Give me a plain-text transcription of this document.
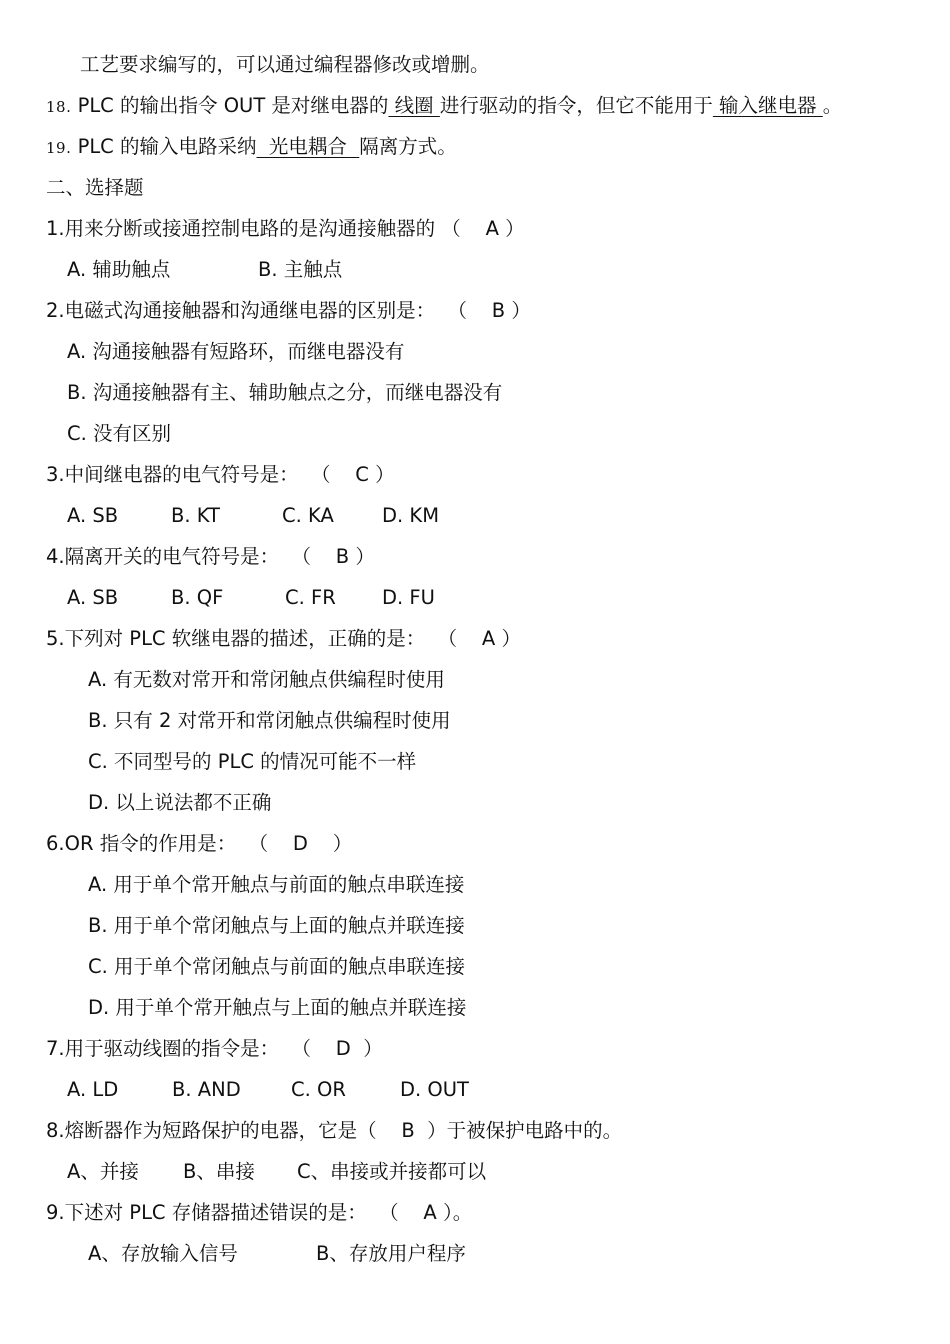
工艺要求编写的，可以通过编程器修改或增删。
18. PLC 的输出指令 OUT 是对继电器的 线圈 进行驱动的指令，但它不能用于 输入继电器 。
19. PLC 的输入电路采纳  光电耦合  隔离方式。
二、选择题
1.用来分断或接通控制电路的是沟通接触器的 （    A ）
A. 辅助触点	B. 主触点
2.电磁式沟通接触器和沟通继电器的区别是：  （    B ）
A. 沟通接触器有短路环，而继电器没有
B. 沟通接触器有主、辅助触点之分，而继电器没有
C. 没有区别
3.中间继电器的电气符号是：  （    C ）
A. SB	B. KT	C. KA D. KM
4.隔离开关的电气符号是：  （    B ）
A. SB	B. QF	C. FR D. FU
5.下列对 PLC 软继电器的描述，正确的是：  （    A ）
A. 有无数对常开和常闭触点供编程时使用
B. 只有 2 对常开和常闭触点供编程时使用
C. 不同型号的 PLC 的情况可能不一样
D. 以上说法都不正确
6.OR 指令的作用是：  （    D    ）
A. 用于单个常开触点与前面的触点串联连接
B. 用于单个常闭触点与上面的触点并联连接
C. 用于单个常闭触点与前面的触点串联连接
D. 用于单个常开触点与上面的触点并联连接
7.用于驱动线圈的指令是：  （    D  ）
A. LD	B. AND	C. OR	D. OUT
8.熔断器作为短路保护的电器，它是（    B  ）于被保护电路中的。
A、并接 B、串接 C、串接或并接都可以
9.下述对 PLC 存储器描述错误的是：  （    A ）。
A、存放输入信号	B、存放用户程序
